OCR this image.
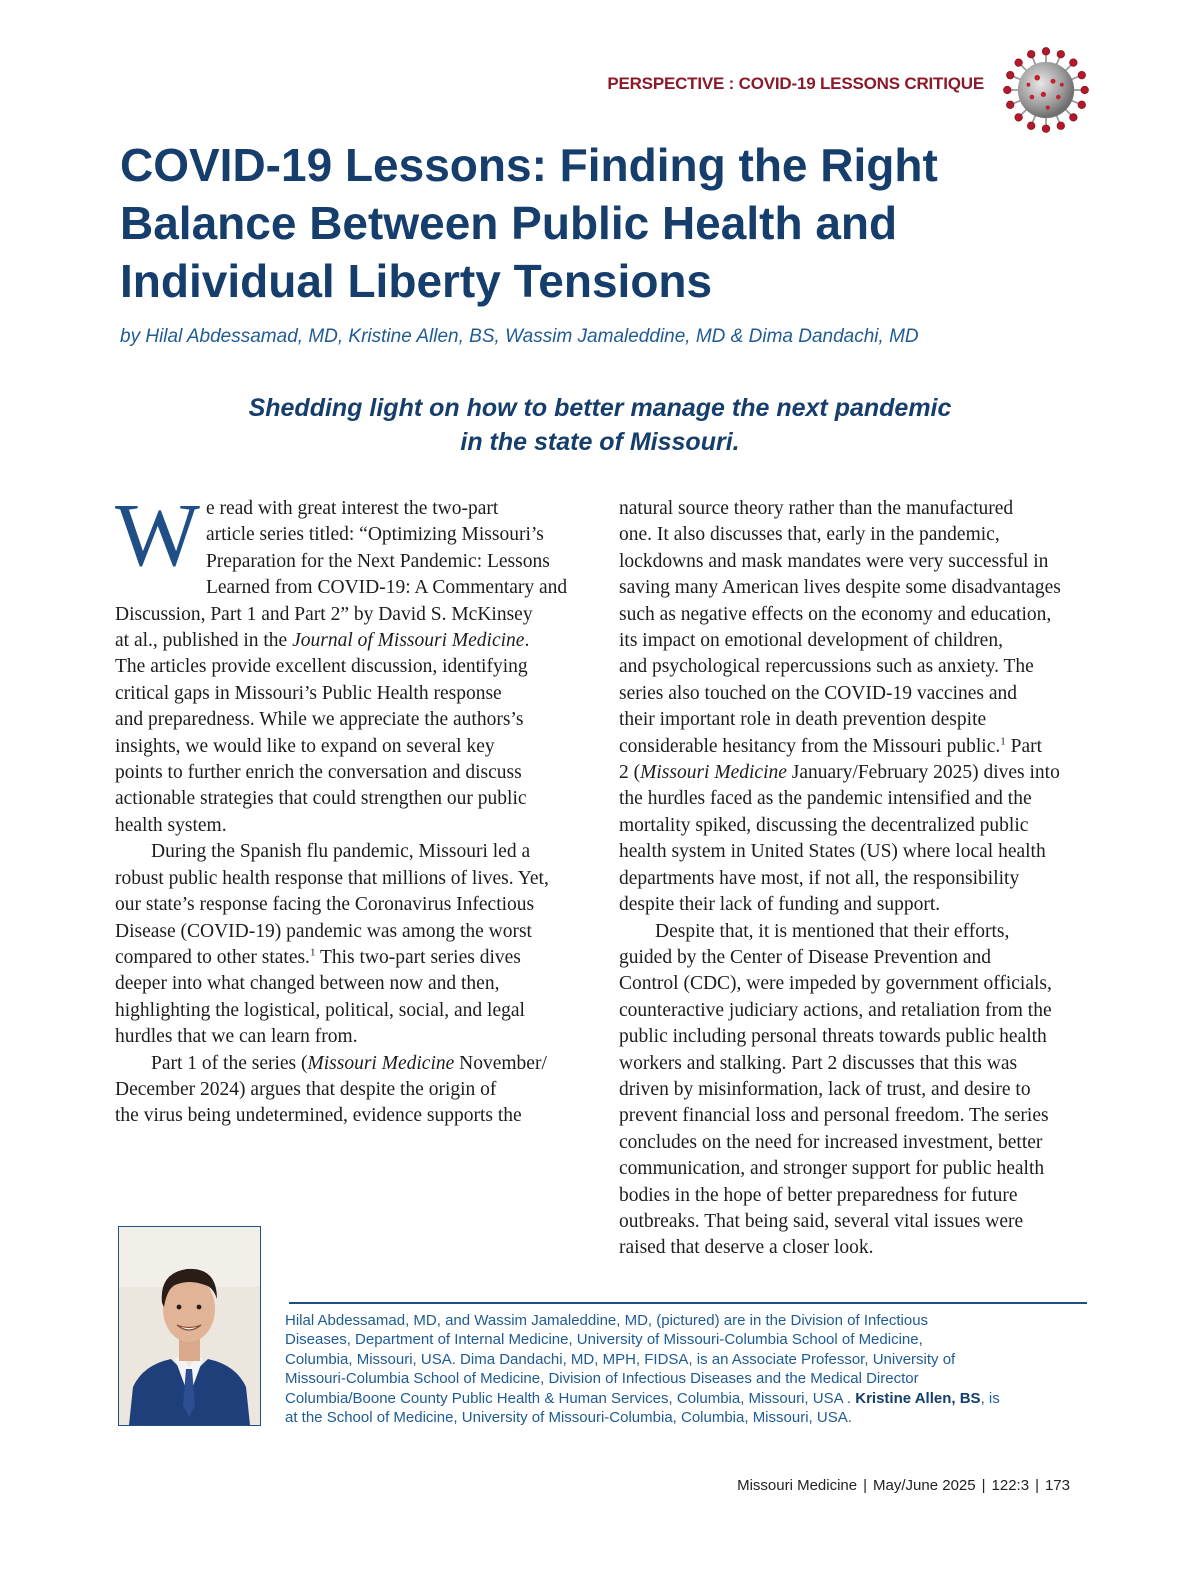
PERSPECTIVE : COVID-19 LESSONS CRITIQUE
COVID-19 Lessons: Finding the Right
Balance Between Public Health and
Individual Liberty Tensions
by Hilal Abdessamad, MD, Kristine Allen, BS, Wassim Jamaleddine, MD & Dima Dandachi, MD
Shedding light on how to better manage the next pandemic
in the state of Missouri.

W e read with great interest the two-part
article series titled: “Optimizing Missouri’s
Preparation for the Next Pandemic: Lessons
Learned from COVID-19: A Commentary and
Discussion, Part 1 and Part 2” by David S. McKinsey
at al., published in the Journal of Missouri Medicine.
The articles provide excellent discussion, identifying
critical gaps in Missouri’s Public Health response
and preparedness. While we appreciate the authors’s
insights, we would like to expand on several key
points to further enrich the conversation and discuss
actionable strategies that could strengthen our public
health system.

During the Spanish flu pandemic, Missouri led a
robust public health response that millions of lives. Yet,
our state’s response facing the Coronavirus Infectious
Disease (COVID-19) pandemic was among the worst
compared to other states.$^1$ This two-part series dives
deeper into what changed between now and then,
highlighting the logistical, political, social, and legal
hurdles that we can learn from.

Part 1 of the series (Missouri Medicine November/
December 2024) argues that despite the origin of
the virus being undetermined, evidence supports the

natural source theory rather than the manufactured
one. It also discusses that, early in the pandemic,
lockdowns and mask mandates were very successful in
saving many American lives despite some disadvantages
such as negative effects on the economy and education,
its impact on emotional development of children,
and psychological repercussions such as anxiety. The
series also touched on the COVID-19 vaccines and
their important role in death prevention despite
considerable hesitancy from the Missouri public.$^1$ Part
2 (Missouri Medicine January/February 2025) dives into
the hurdles faced as the pandemic intensified and the
mortality spiked, discussing the decentralized public
health system in United States (US) where local health
departments have most, if not all, the responsibility
despite their lack of funding and support.

Despite that, it is mentioned that their efforts,
guided by the Center of Disease Prevention and
Control (CDC), were impeded by government officials,
counteractive judiciary actions, and retaliation from the
public including personal threats towards public health
workers and stalking. Part 2 discusses that this was
driven by misinformation, lack of trust, and desire to
prevent financial loss and personal freedom. The series
concludes on the need for increased investment, better
communication, and stronger support for public health
bodies in the hope of better preparedness for future
outbreaks. That being said, several vital issues were
raised that deserve a closer look.

Hilal Abdessamad, MD, and Wassim Jamaleddine, MD, (pictured) are in the Division of Infectious
Diseases, Department of Internal Medicine, University of Missouri-Columbia School of Medicine,
Columbia, Missouri, USA. Dima Dandachi, MD, MPH, FIDSA, is an Associate Professor, University of
Missouri-Columbia School of Medicine, Division of Infectious Diseases and the Medical Director
Columbia/Boone County Public Health & Human Services, Columbia, Missouri, USA . Kristine Allen, BS, is
at the School of Medicine, University of Missouri-Columbia, Columbia, Missouri, USA.
Missouri Medicine | May/June 2025 | 122:3 | 173
